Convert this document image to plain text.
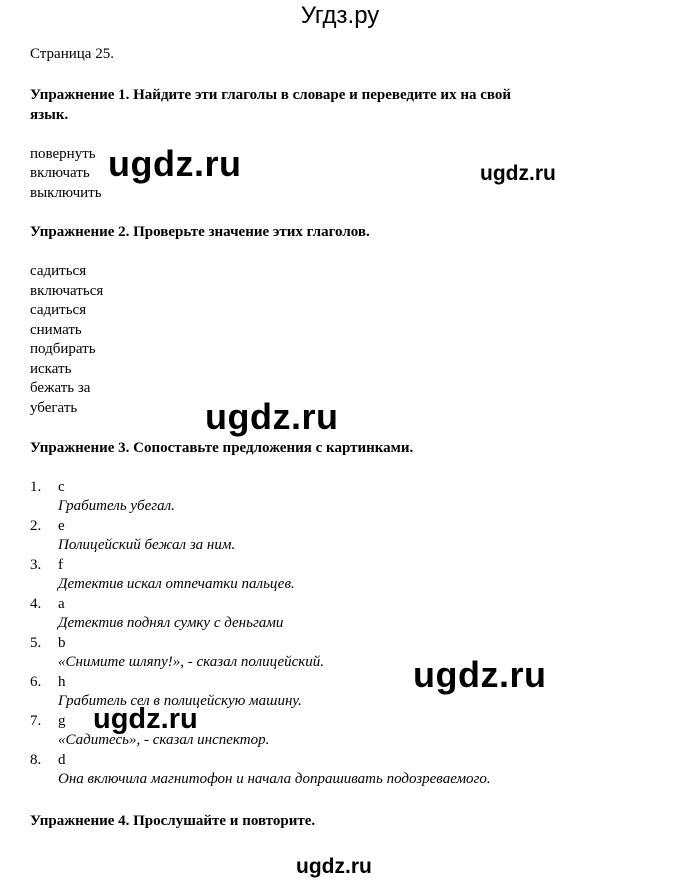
Угдз.ру
Страница 25.
Упражнение 1. Найдите эти глаголы в словаре и переведите их на свой
язык.
повернуть
включать
выключить
Упражнение 2. Проверьте значение этих глаголов.
садиться
включаться
садиться
снимать
подбирать
искать
бежать за
убегать
Упражнение 3. Сопоставьте предложения с картинками.
1. c
Грабитель убегал.
2. e
Полицейский бежал за ним.
3. f
Детектив искал отпечатки пальцев.
4. a
Детектив поднял сумку с деньгами
5. b
«Снимите шляпу!», - сказал полицейский.
6. h
Грабитель сел в полицейскую машину.
7. g
«Садитесь», - сказал инспектор.
8. d
Она включила магнитофон и начала допрашивать подозреваемого.
Упражнение 4. Прослушайте и повторите.
ugdz.ru	ugdz.ru
ugdz.ru
ugdz.ru
ugdz.ru
ugdz.ru
